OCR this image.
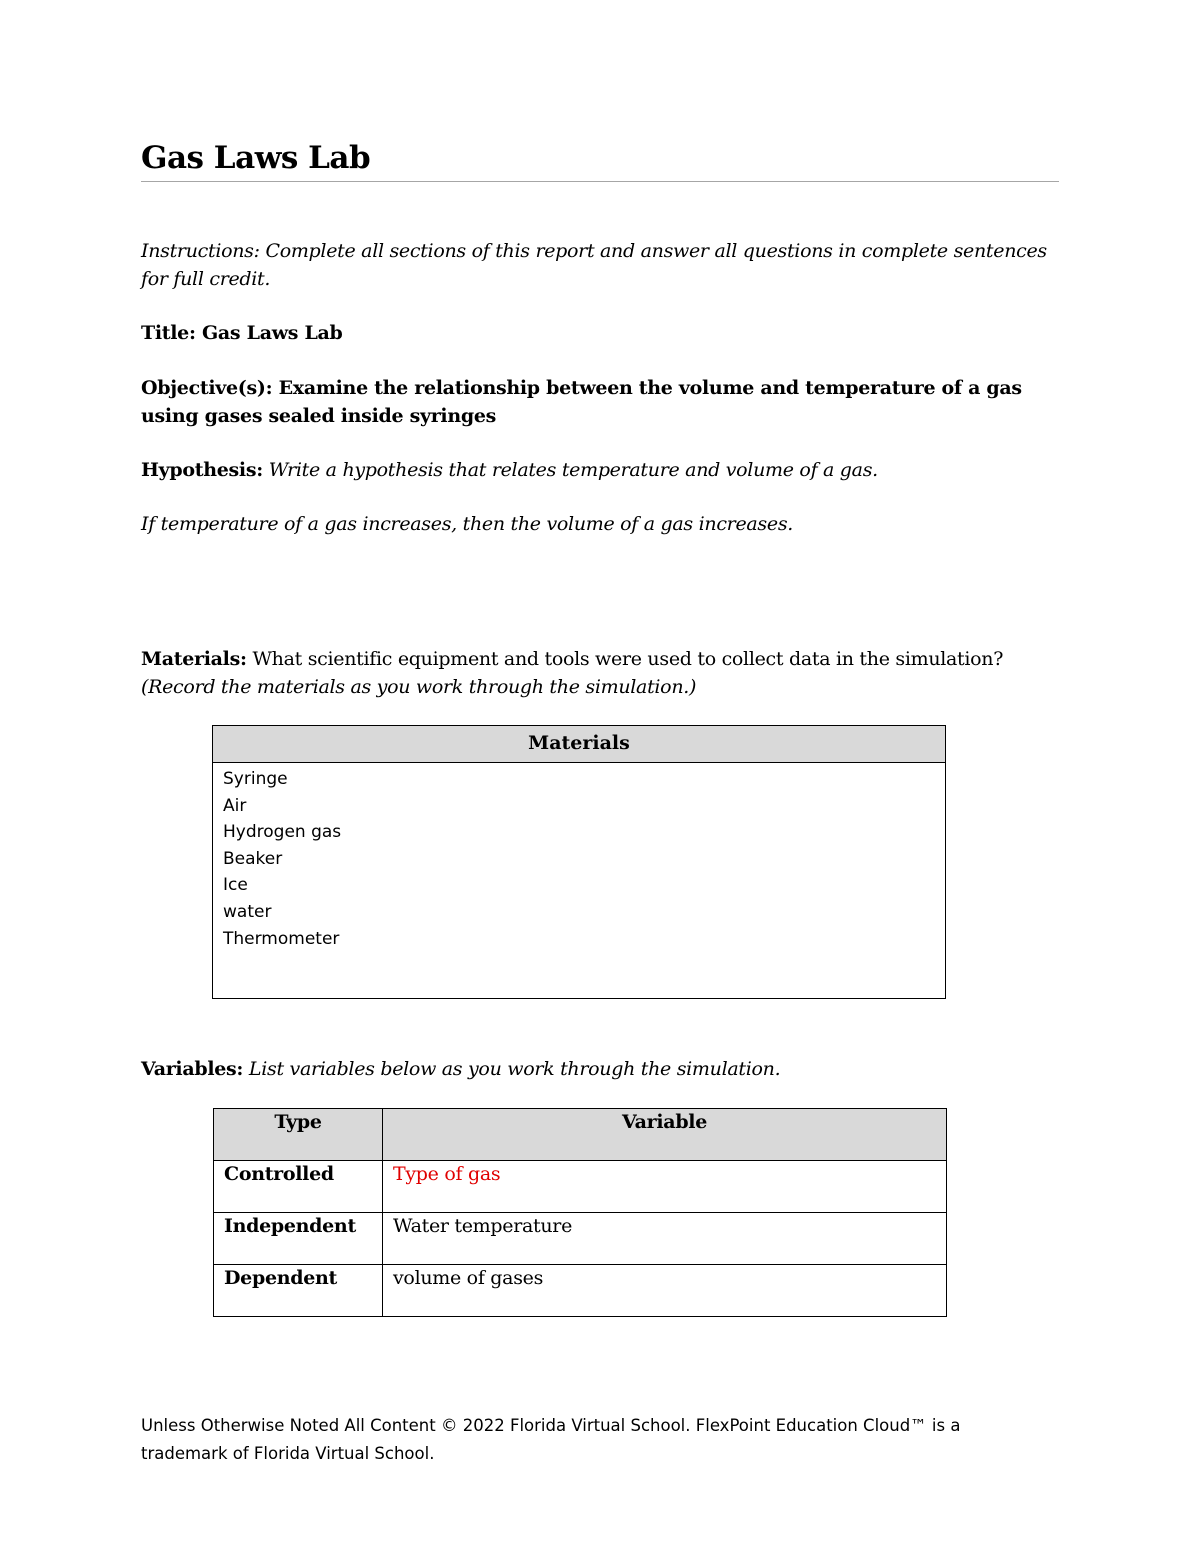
Gas Laws Lab
Instructions: Complete all sections of this report and answer all questions in complete sentences for full credit.
Title: Gas Laws Lab
Objective(s): Examine the relationship between the volume and temperature of a gas using gases sealed inside syringes
Hypothesis: Write a hypothesis that relates temperature and volume of a gas.
If temperature of a gas increases, then the volume of a gas increases.
Materials: What scientific equipment and tools were used to collect data in the simulation?
(Record the materials as you work through the simulation.)
Materials
Syringe
Air
Hydrogen gas
Beaker
Ice
water
Thermometer
Variables: List variables below as you work through the simulation.
Type	Variable
Controlled	Type of gas
Independent	Water temperature
Dependent	volume of gases
Unless Otherwise Noted All Content © 2022 Florida Virtual School. FlexPoint Education Cloud™ is a trademark of Florida Virtual School.
